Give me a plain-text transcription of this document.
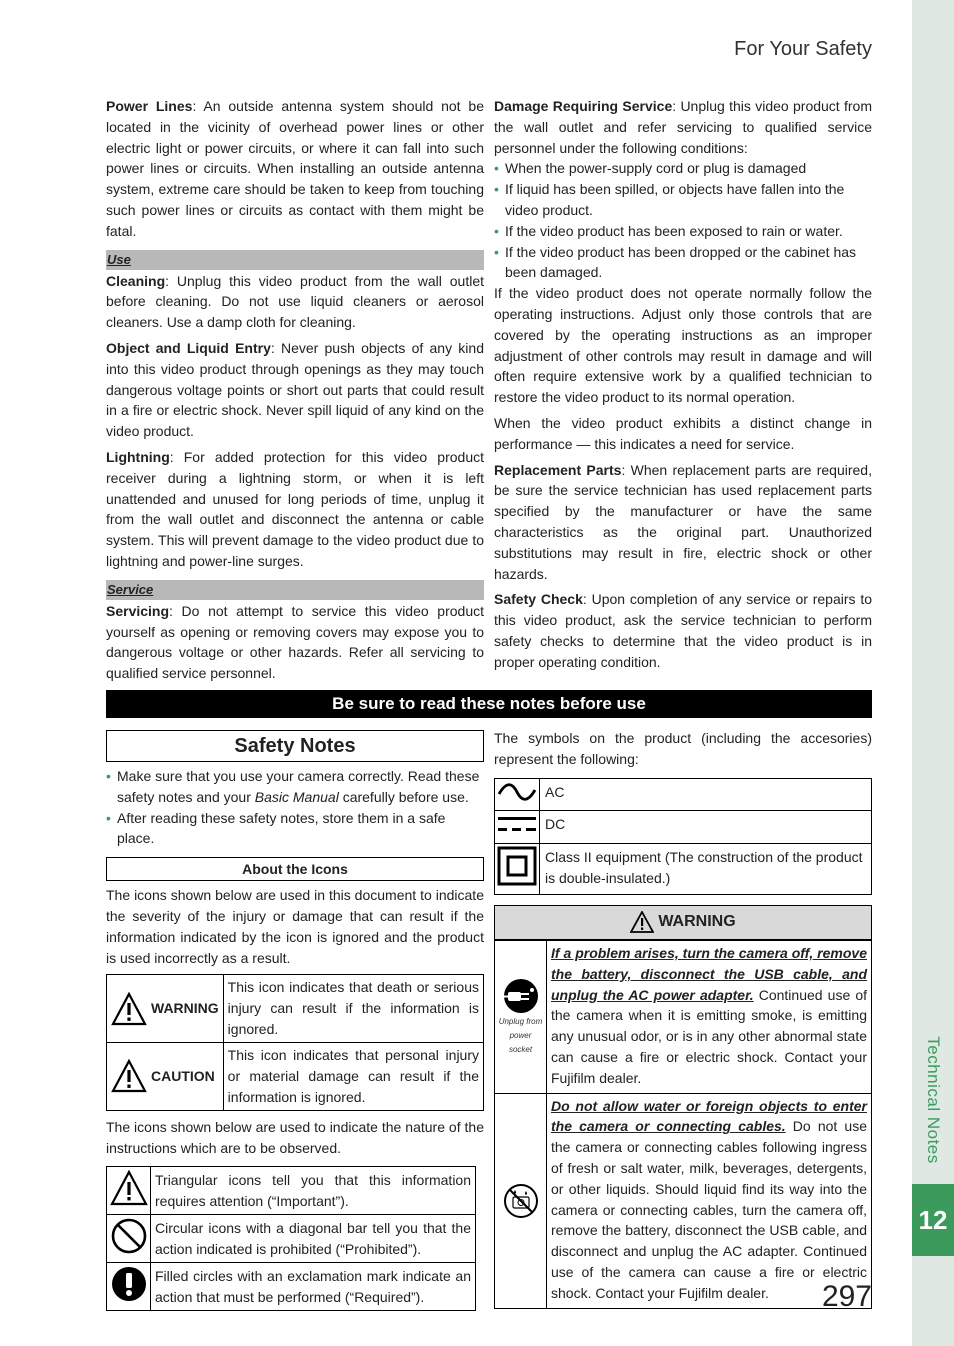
For Your Safety
Technical Notes
12
297

Power Lines: An outside antenna system should not be located in the vicinity of overhead power lines or other electric light or power circuits, or where it can fall into such power lines or circuits. When installing an outside antenna system, extreme care should be taken to keep from touching such power lines or circuits as contact with them might be fatal.

Use

Cleaning: Unplug this video product from the wall outlet before cleaning. Do not use liquid cleaners or aerosol cleaners. Use a damp cloth for cleaning.

Object and Liquid Entry: Never push objects of any kind into this video product through openings as they may touch dangerous voltage points or short out parts that could result in a fire or electric shock. Never spill liquid of any kind on the video product.

Lightning: For added protection for this video product receiver during a lightning storm, or when it is left unattended and unused for long periods of time, unplug it from the wall outlet and disconnect the antenna or cable system. This will prevent damage to the video product due to lightning and power-line surges.

Service

Servicing: Do not attempt to service this video product yourself as opening or removing covers may expose you to dangerous voltage or other hazards. Refer all servicing to qualified service personnel.

Damage Requiring Service: Unplug this video product from the wall outlet and refer servicing to qualified service personnel under the following conditions:

• When the power-supply cord or plug is damaged
• If liquid has been spilled, or objects have fallen into the video product.
• If the video product has been exposed to rain or water.
• If the video product has been dropped or the cabinet has been damaged.

If the video product does not operate normally follow the operating instructions. Adjust only those controls that are covered by the operating instructions as an improper adjustment of other controls may result in damage and will often require extensive work by a qualified technician to restore the video product to its normal operation.

When the video product exhibits a distinct change in performance — this indicates a need for service.

Replacement Parts: When replacement parts are required, be sure the service technician has used replacement parts specified by the manufacturer or have the same characteristics as the original part. Unauthorized substitutions may result in fire, electric shock or other hazards.

Safety Check: Upon completion of any service or repairs to this video product, ask the service technician to perform safety checks to determine that the video product is in proper operating condition.

Be sure to read these notes before use
Safety Notes
• Make sure that you use your camera correctly. Read these safety notes and your Basic Manual carefully before use.
• After reading these safety notes, store them in a safe place.
About the Icons

The icons shown below are used in this document to indicate the severity of the injury or damage that can result if the information indicated by the icon is ignored and the product is used incorrectly as a result.

WARNING	This icon indicates that death or serious injury can result if the information is ignored.

CAUTION	This icon indicates that personal injury or material damage can result if the information is ignored.

The icons shown below are used to indicate the nature of the instructions which are to be observed.

	Triangular icons tell you that this information requires attention (“Important”).
	Circular icons with a diagonal bar tell you that the action indicated is prohibited (“Prohibited”).
	Filled circles with an exclamation mark indicate an action that must be performed (“Required”).

The symbols on the product (including the accesories) represent the following:

	AC
	DC
	Class II equipment (The construction of the product is double-insulated.)
WARNING
Unplug from power socket
If a problem arises, turn the camera off, remove the battery, disconnect the USB cable, and unplug the AC power adapter. Continued use of the camera when it is emitting smoke, is emitting any unusual odor, or is in any other abnormal state can cause a fire or electric shock. Contact your Fujifilm dealer.
Do not allow water or foreign objects to enter the camera or connecting cables. Do not use the camera or connecting cables following ingress of fresh or salt water, milk, beverages, detergents, or other liquids. Should liquid find its way into the camera or connecting cables, turn the camera off, remove the battery, disconnect the USB cable, and disconnect and unplug the AC adapter. Continued use of the camera can cause a fire or electric shock. Contact your Fujifilm dealer.
